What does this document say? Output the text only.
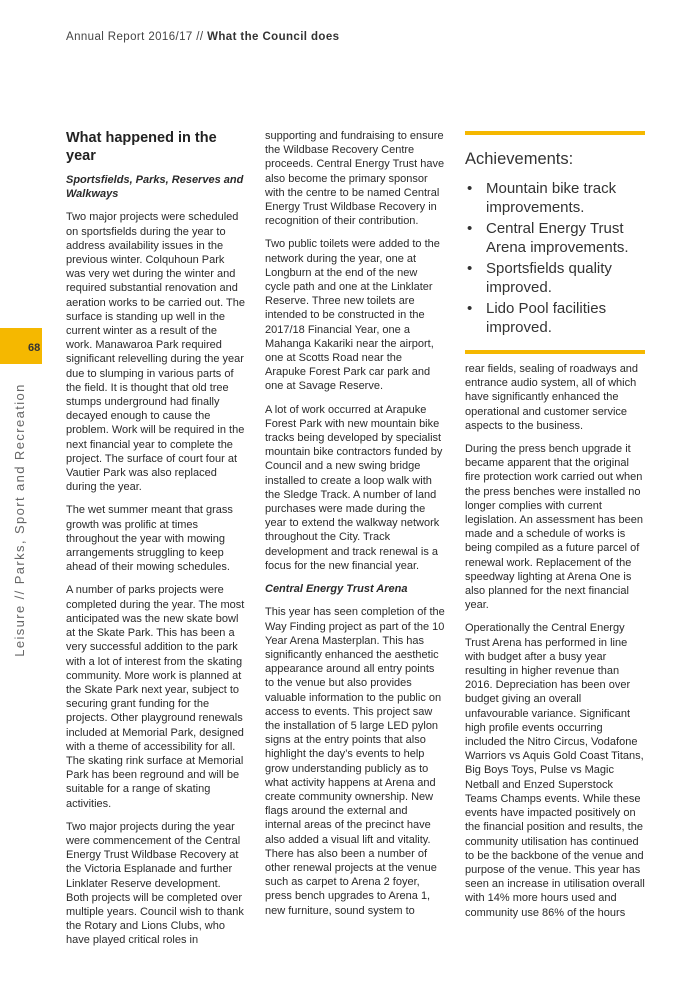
Annual Report 2016/17 // What the Council does
68
Leisure // Parks, Sport and Recreation
What happened in the year

Sportsfields, Parks, Reserves and Walkways

Two major projects were scheduled on sportsfields during the year to address availability issues in the previous winter. Colquhoun Park was very wet during the winter and required substantial renovation and aeration works to be carried out. The surface is standing up well in the current winter as a result of the work. Manawaroa Park required significant relevelling during the year due to slumping in various parts of the field. It is thought that old tree stumps underground had finally decayed enough to cause the problem. Work will be required in the next financial year to complete the project. The surface of court four at Vautier Park was also replaced during the year.

The wet summer meant that grass growth was prolific at times throughout the year with mowing arrangements struggling to keep ahead of their mowing schedules.

A number of parks projects were completed during the year. The most anticipated was the new skate bowl at the Skate Park. This has been a very successful addition to the park with a lot of interest from the skating community. More work is planned at the Skate Park next year, subject to securing grant funding for the projects. Other playground renewals included at Memorial Park, designed with a theme of accessibility for all. The skating rink surface at Memorial Park has been reground and will be suitable for a range of skating activities.

Two major projects during the year were commencement of the Central Energy Trust Wildbase Recovery at the Victoria Esplanade and further Linklater Reserve development. Both projects will be completed over multiple years. Council wish to thank the Rotary and Lions Clubs, who have played critical roles in

supporting and fundraising to ensure the Wildbase Recovery Centre proceeds. Central Energy Trust have also become the primary sponsor with the centre to be named Central Energy Trust Wildbase Recovery in recognition of their contribution.

Two public toilets were added to the network during the year, one at Longburn at the end of the new cycle path and one at the Linklater Reserve. Three new toilets are intended to be constructed in the 2017/18 Financial Year, one a Mahanga Kakariki near the airport, one at Scotts Road near the Arapuke Forest Park car park and one at Savage Reserve.

A lot of work occurred at Arapuke Forest Park with new mountain bike tracks being developed by specialist mountain bike contractors funded by Council and a new swing bridge installed to create a loop walk with the Sledge Track. A number of land purchases were made during the year to extend the walkway network throughout the City. Track development and track renewal is a focus for the new financial year.

Central Energy Trust Arena

This year has seen completion of the Way Finding project as part of the 10 Year Arena Masterplan. This has significantly enhanced the aesthetic appearance around all entry points to the venue but also provides valuable information to the public on access to events. This project saw the installation of 5 large LED pylon signs at the entry points that also highlight the day’s events to help grow understanding publicly as to what activity happens at Arena and create community ownership. New flags around the external and internal areas of the precinct have also added a visual lift and vitality. There has also been a number of other renewal projects at the venue such as carpet to Arena 2 foyer, press bench upgrades to Arena 1, new furniture, sound system to

Achievements:
• Mountain bike track improvements.
• Central Energy Trust Arena improvements.
• Sportsfields quality improved.
• Lido Pool facilities improved.

rear fields, sealing of roadways and entrance audio system, all of which have significantly enhanced the operational and customer service aspects to the business.

During the press bench upgrade it became apparent that the original fire protection work carried out when the press benches were installed no longer complies with current legislation. An assessment has been made and a schedule of works is being compiled as a future parcel of renewal work. Replacement of the speedway lighting at Arena One is also planned for the next financial year.

Operationally the Central Energy Trust Arena has performed in line with budget after a busy year resulting in higher revenue than 2016. Depreciation has been over budget giving an overall unfavourable variance. Significant high profile events occurring included the Nitro Circus, Vodafone Warriors vs Aquis Gold Coast Titans, Big Boys Toys, Pulse vs Magic Netball and Enzed Superstock Teams Champs events. While these events have impacted positively on the financial position and results, the community utilisation has continued to be the backbone of the venue and purpose of the venue. This year has seen an increase in utilisation overall with 14% more hours used and community use 86% of the hours
